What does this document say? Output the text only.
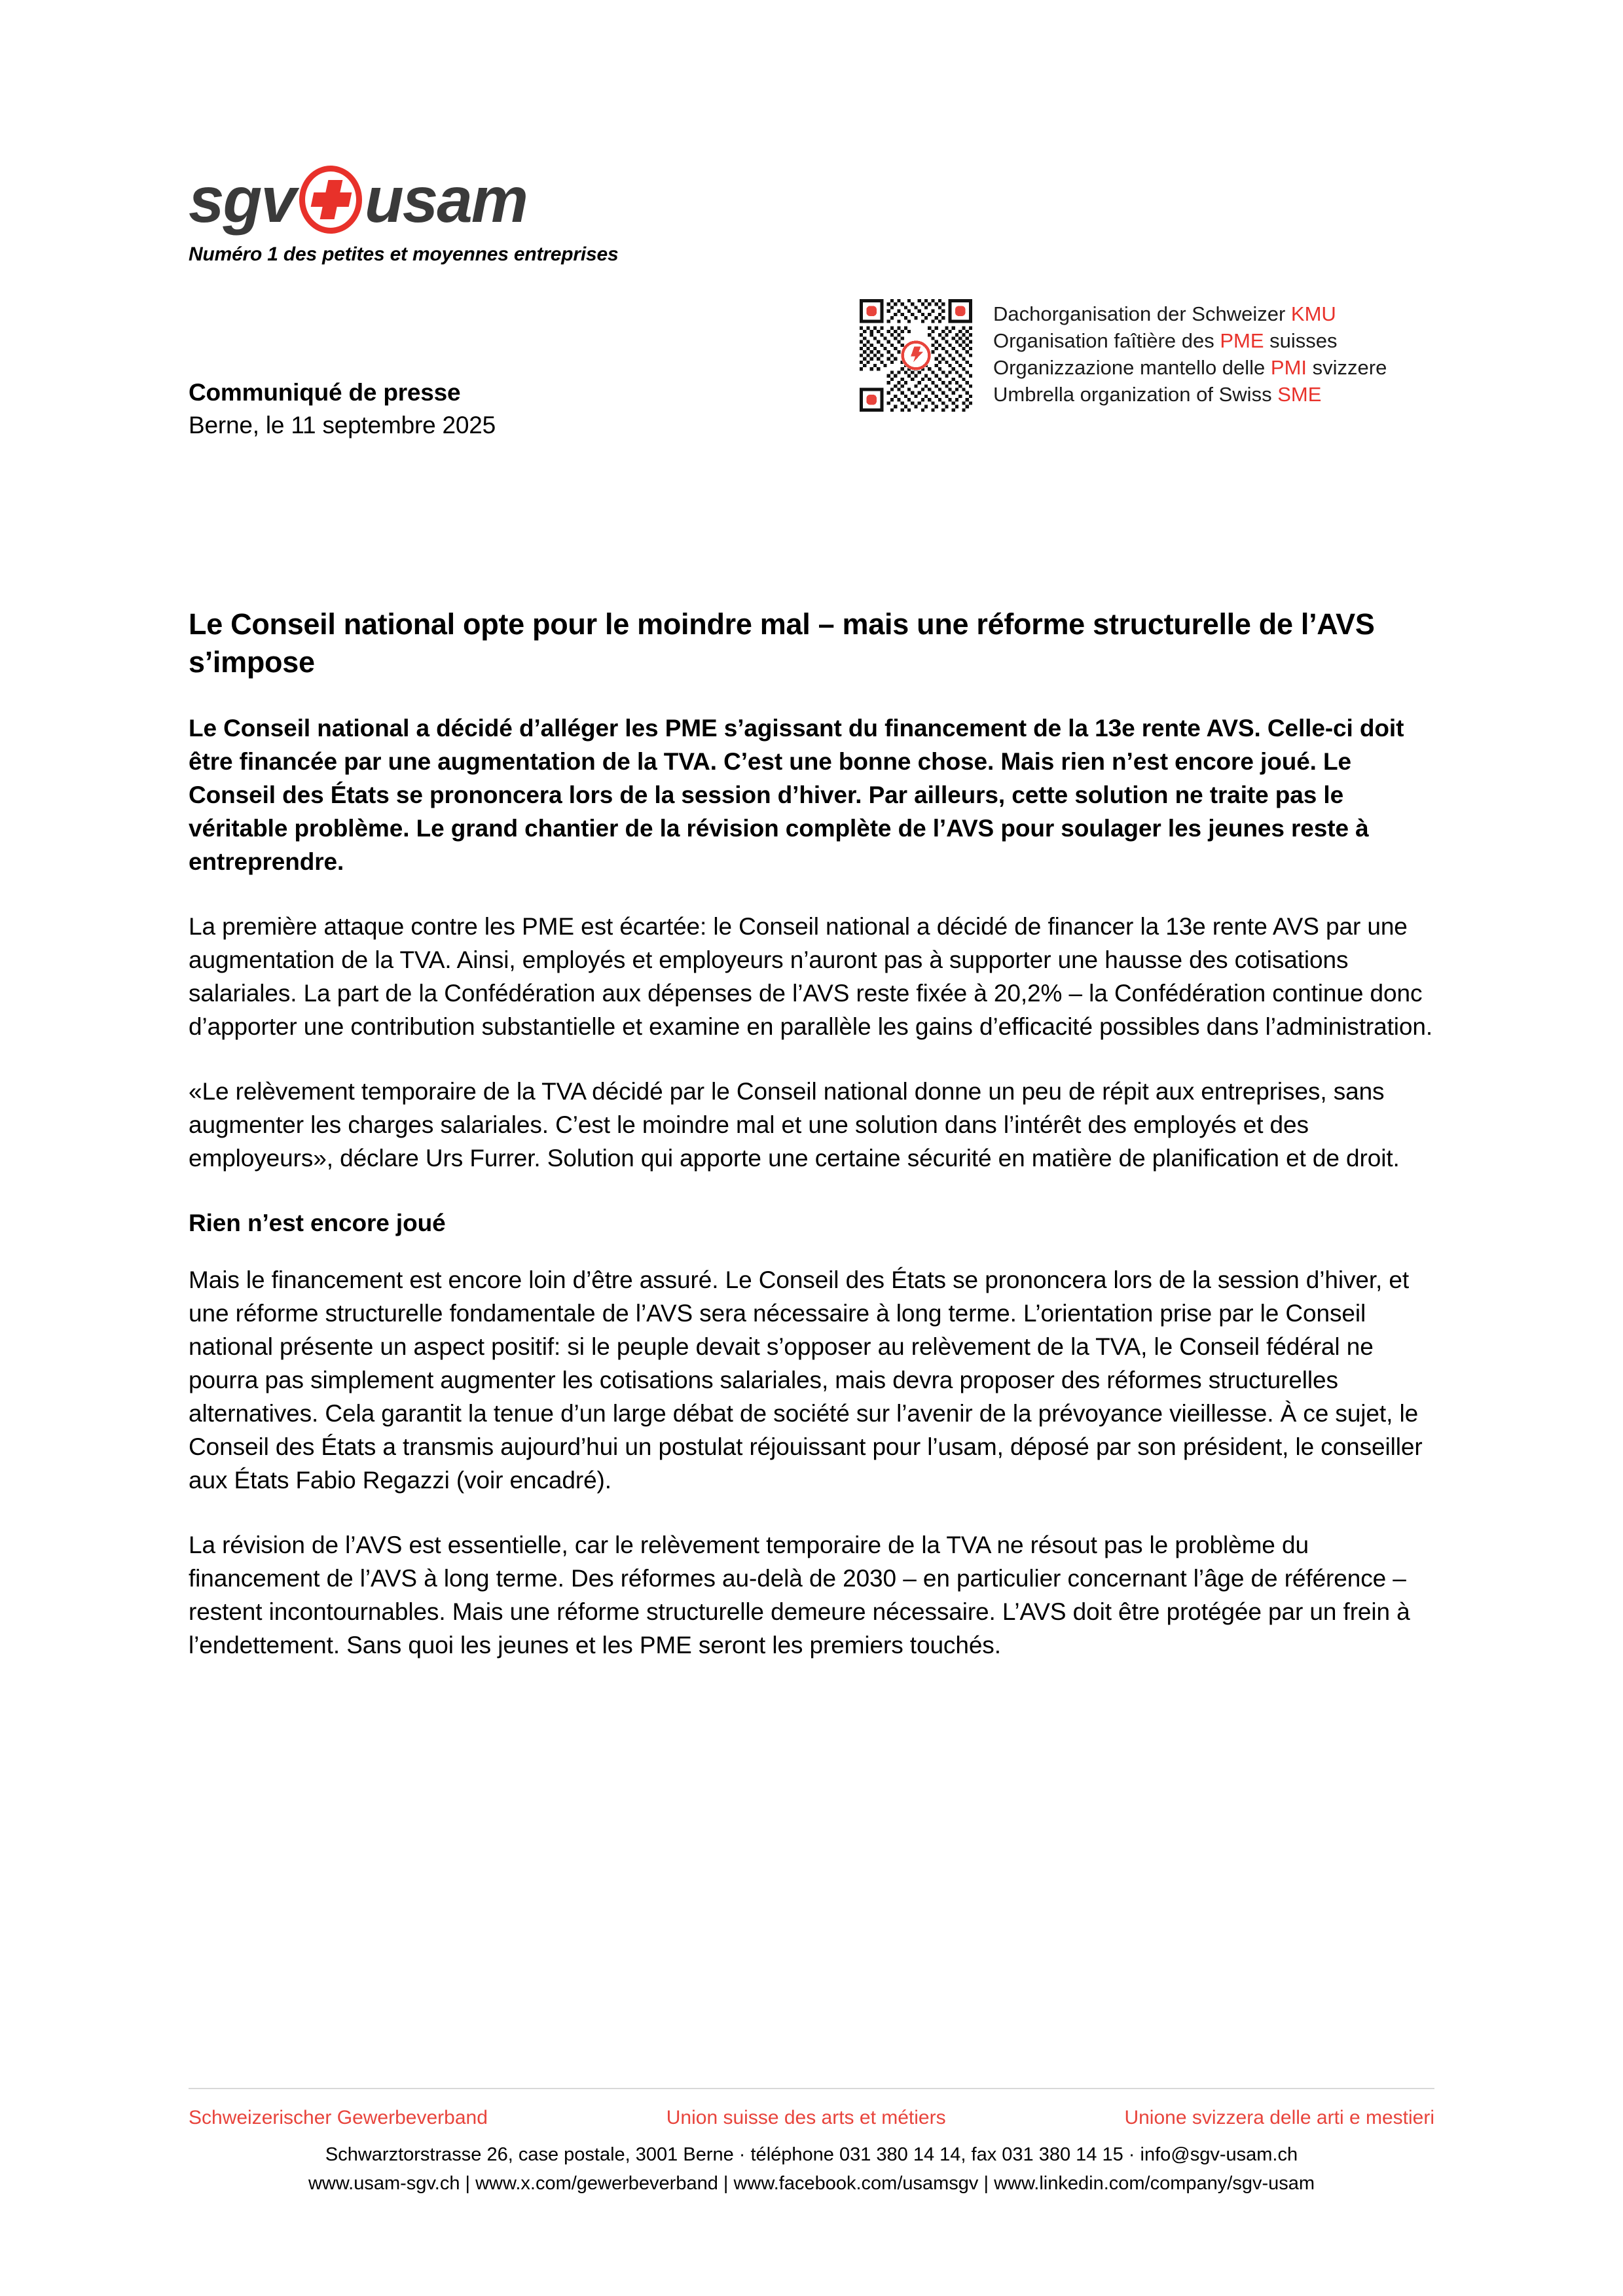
sgv usam
Numéro 1 des petites et moyennes entreprises
Dachorganisation der Schweizer KMU
Organisation faîtière des PME suisses
Organizzazione mantello delle PMI svizzere
Umbrella organization of Swiss SME
Communiqué de presse
Berne, le 11 septembre 2025
Le Conseil national opte pour le moindre mal – mais une réforme structurelle de l’AVS s’impose

Le Conseil national a décidé d’alléger les PME s’agissant du financement de la 13e rente AVS. Celle-ci doit être financée par une augmentation de la TVA. C’est une bonne chose. Mais rien n’est encore joué. Le Conseil des États se prononcera lors de la session d’hiver. Par ailleurs, cette solution ne traite pas le véritable problème. Le grand chantier de la révision complète de l’AVS pour soulager les jeunes reste à entreprendre.

La première attaque contre les PME est écartée: le Conseil national a décidé de financer la 13e rente AVS par une augmentation de la TVA. Ainsi, employés et employeurs n’auront pas à supporter une hausse des cotisations salariales. La part de la Confédération aux dépenses de l’AVS reste fixée à 20,2% – la Confédération continue donc d’apporter une contribution substantielle et examine en parallèle les gains d’efficacité possibles dans l’administration.

«Le relèvement temporaire de la TVA décidé par le Conseil national donne un peu de répit aux entreprises, sans augmenter les charges salariales. C’est le moindre mal et une solution dans l’intérêt des employés et des employeurs», déclare Urs Furrer. Solution qui apporte une certaine sécurité en matière de planification et de droit.

Rien n’est encore joué

Mais le financement est encore loin d’être assuré. Le Conseil des États se prononcera lors de la session d’hiver, et une réforme structurelle fondamentale de l’AVS sera nécessaire à long terme. L’orientation prise par le Conseil national présente un aspect positif: si le peuple devait s’opposer au relèvement de la TVA, le Conseil fédéral ne pourra pas simplement augmenter les cotisations salariales, mais devra proposer des réformes structurelles alternatives. Cela garantit la tenue d’un large débat de société sur l’avenir de la prévoyance vieillesse. À ce sujet, le Conseil des États a transmis aujourd’hui un postulat réjouissant pour l’usam, déposé par son président, le conseiller aux États Fabio Regazzi (voir encadré).

La révision de l’AVS est essentielle, car le relèvement temporaire de la TVA ne résout pas le problème du financement de l’AVS à long terme. Des réformes au-delà de 2030 – en particulier concernant l’âge de référence – restent incontournables. Mais une réforme structurelle demeure nécessaire. L’AVS doit être protégée par un frein à l’endettement. Sans quoi les jeunes et les PME seront les premiers touchés.

Schweizerischer Gewerbeverband	Union suisse des arts et métiers	Unione svizzera delle arti e mestieri
Schwarztorstrasse 26, case postale, 3001 Berne · téléphone 031 380 14 14, fax 031 380 14 15 · info@sgv-usam.ch
www.usam-sgv.ch | www.x.com/gewerbeverband | www.facebook.com/usamsgv | www.linkedin.com/company/sgv-usam
